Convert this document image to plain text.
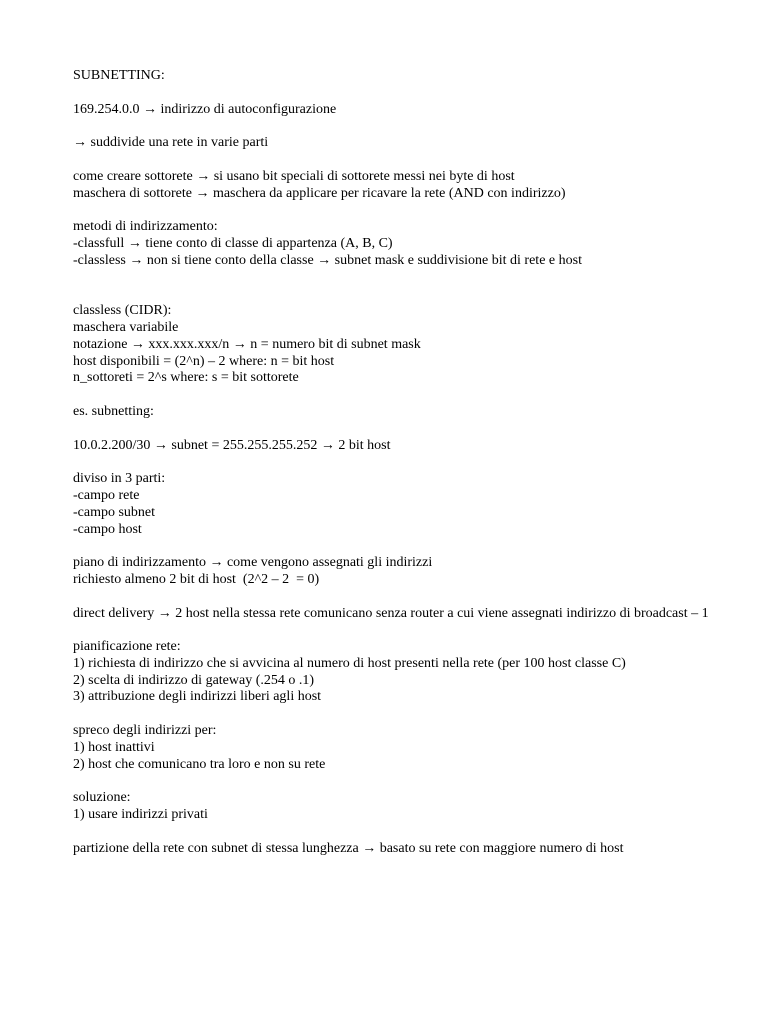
SUBNETTING:
169.254.0.0 → indirizzo di autoconfigurazione
→ suddivide una rete in varie parti
come creare sottorete → si usano bit speciali di sottorete messi nei byte di host
maschera di sottorete → maschera da applicare per ricavare la rete (AND con indirizzo)
metodi di indirizzamento:
-classfull → tiene conto di classe di appartenza (A, B, C)
-classless → non si tiene conto della classe → subnet mask e suddivisione bit di rete e host
classless (CIDR):
maschera variabile
notazione → xxx.xxx.xxx/n → n = numero bit di subnet mask
host disponibili = (2^n) – 2 where: n = bit host
n_sottoreti = 2^s where: s = bit sottorete
es. subnetting:
10.0.2.200/30 → subnet = 255.255.255.252 → 2 bit host
diviso in 3 parti:
-campo rete
-campo subnet
-campo host
piano di indirizzamento → come vengono assegnati gli indirizzi
richiesto almeno 2 bit di host  (2^2 – 2  = 0)
direct delivery → 2 host nella stessa rete comunicano senza router a cui viene assegnati indirizzo di broadcast – 1
pianificazione rete:
1) richiesta di indirizzo che si avvicina al numero di host presenti nella rete (per 100 host classe C)
2) scelta di indirizzo di gateway (.254 o .1)
3) attribuzione degli indirizzi liberi agli host
spreco degli indirizzi per:
1) host inattivi
2) host che comunicano tra loro e non su rete
soluzione:
1) usare indirizzi privati
partizione della rete con subnet di stessa lunghezza → basato su rete con maggiore numero di host
